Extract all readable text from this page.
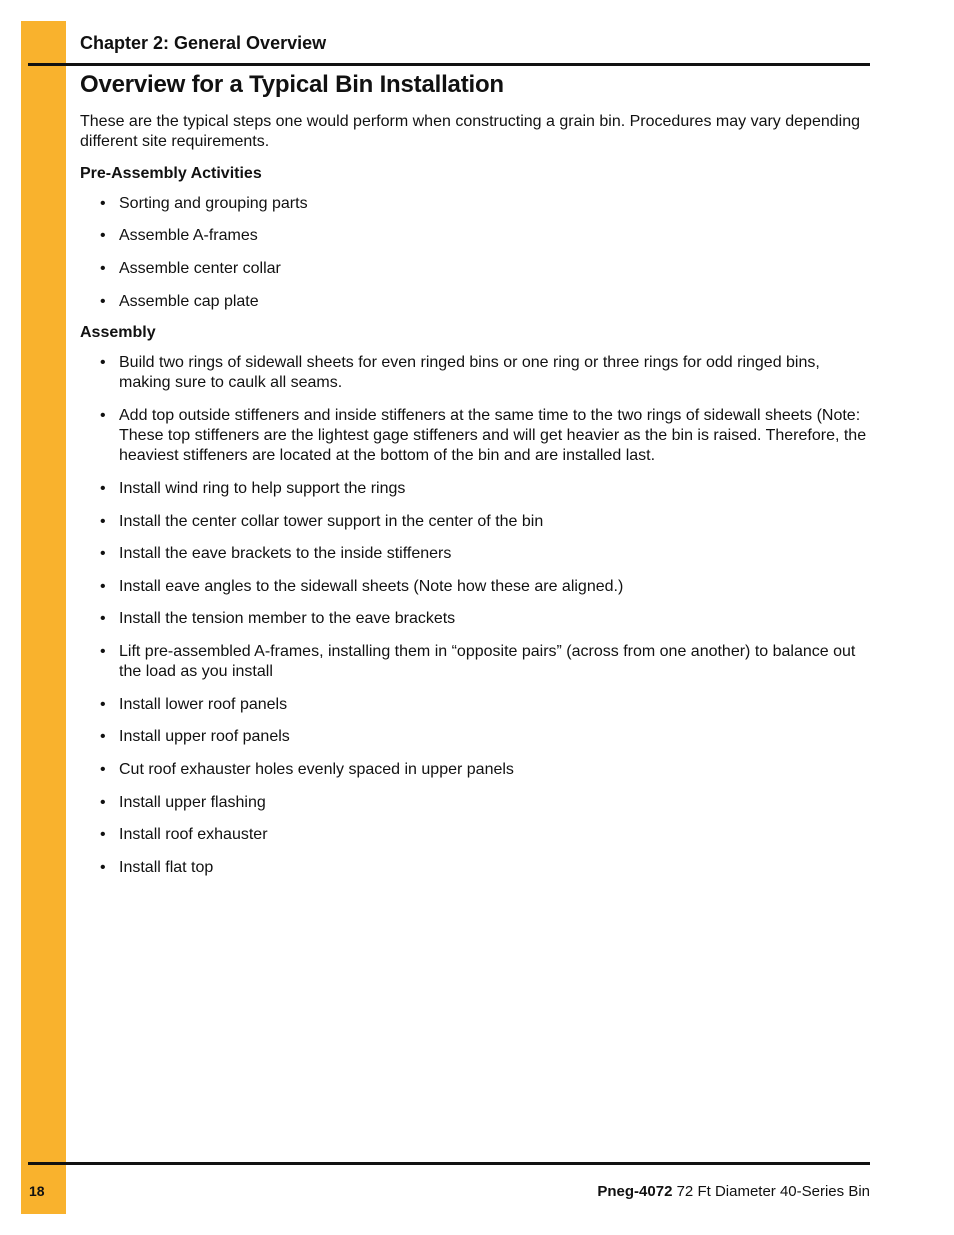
Chapter 2: General Overview
Overview for a Typical Bin Installation
These are the typical steps one would perform when constructing a grain bin. Procedures may vary depending different site requirements.
Pre-Assembly Activities
• Sorting and grouping parts
• Assemble A-frames
• Assemble center collar
• Assemble cap plate
Assembly
• Build two rings of sidewall sheets for even ringed bins or one ring or three rings for odd ringed bins, making sure to caulk all seams.
• Add top outside stiffeners and inside stiffeners at the same time to the two rings of sidewall sheets (Note: These top stiffeners are the lightest gage stiffeners and will get heavier as the bin is raised. Therefore, the heaviest stiffeners are located at the bottom of the bin and are installed last.
• Install wind ring to help support the rings
• Install the center collar tower support in the center of the bin
• Install the eave brackets to the inside stiffeners
• Install eave angles to the sidewall sheets (Note how these are aligned.)
• Install the tension member to the eave brackets
• Lift pre-assembled A-frames, installing them in “opposite pairs” (across from one another) to balance out the load as you install
• Install lower roof panels
• Install upper roof panels
• Cut roof exhauster holes evenly spaced in upper panels
• Install upper flashing
• Install roof exhauster
• Install flat top
18	Pneg-4072 72 Ft Diameter 40-Series Bin
